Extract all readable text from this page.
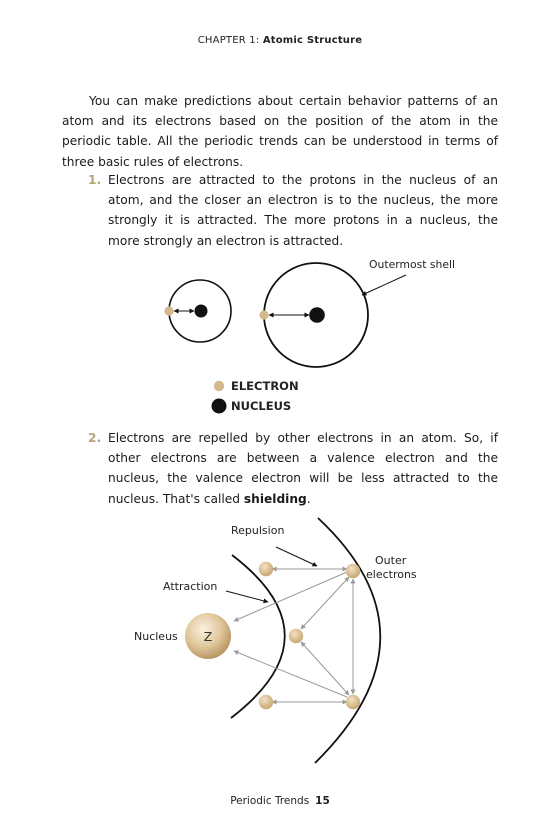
CHAPTER 1: Atomic Structure

You can make predictions about certain behavior patterns of an atom and its electrons based on the position of the atom in the periodic table. All the periodic trends can be understood in terms of three basic rules of electrons.

1. Electrons are attracted to the protons in the nucleus of an atom, and the closer an electron is to the nucleus, the more strongly it is attracted. The more protons in a nucleus, the more strongly an electron is attracted.
Outermost shell
ELECTRON
NUCLEUS
2. Electrons are repelled by other electrons in an atom. So, if other electrons are between a valence electron and the nucleus, the valence electron will be less attracted to the nucleus. That's called shielding.
Z
Repulsion
Attraction
Outer
electrons
Nucleus
Periodic Trends 15
